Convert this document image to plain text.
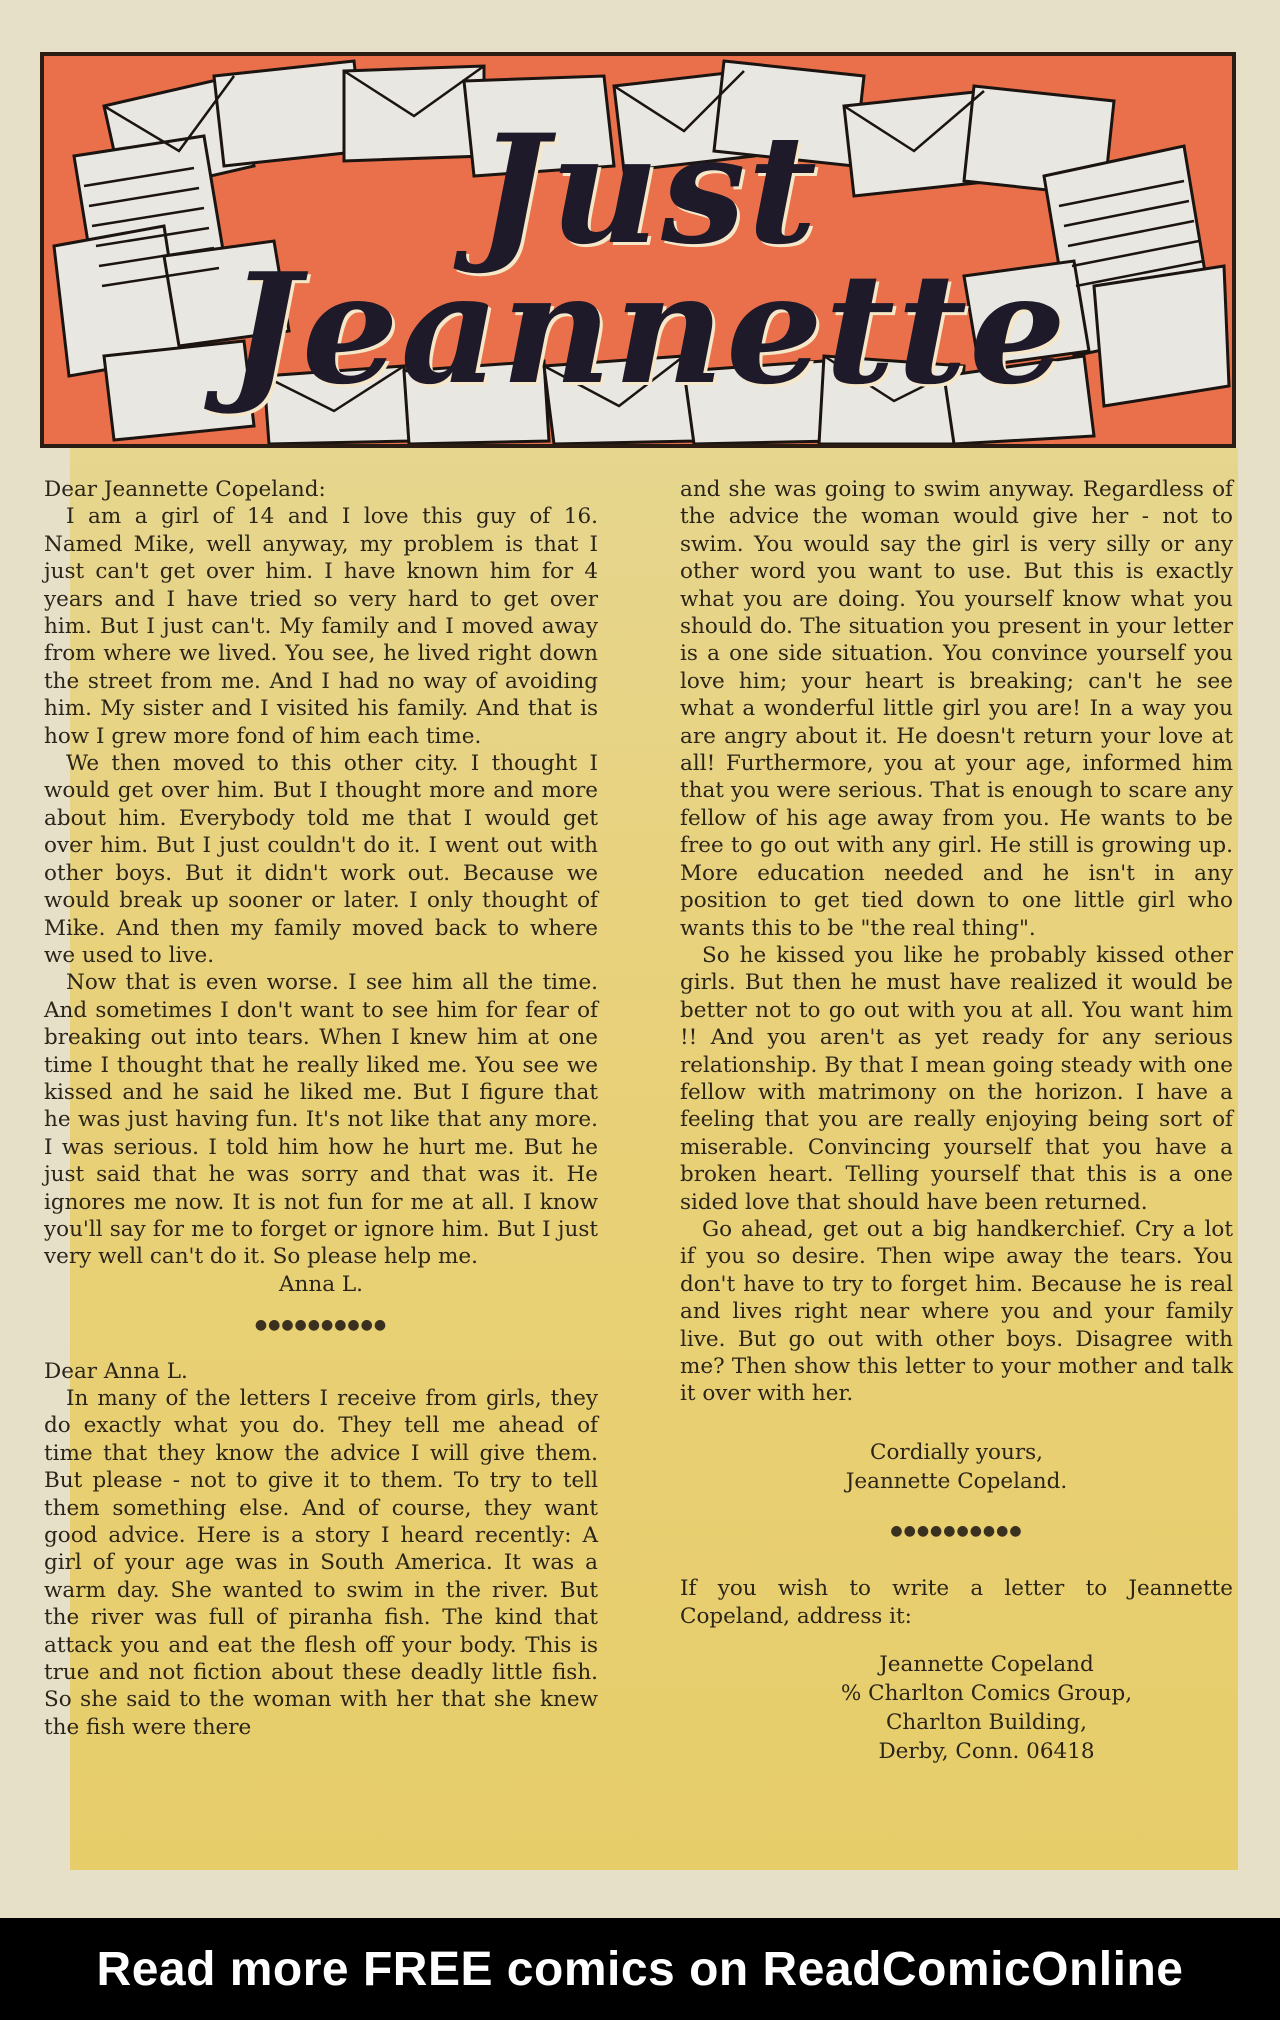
Just
Jeannette

Dear Jeannette Copeland:

I am a girl of 14 and I love this guy of 16. Named Mike, well anyway, my problem is that I just can't get over him. I have known him for 4 years and I have tried so very hard to get over him. But I just can't. My family and I moved away from where we lived. You see, he lived right down the street from me. And I had no way of avoiding him. My sister and I visited his family. And that is how I grew more fond of him each time.

We then moved to this other city. I thought I would get over him. But I thought more and more about him. Everybody told me that I would get over him. But I just couldn't do it. I went out with other boys. But it didn't work out. Because we would break up sooner or later. I only thought of Mike. And then my family moved back to where we used to live.

Now that is even worse. I see him all the time. And sometimes I don't want to see him for fear of breaking out into tears. When I knew him at one time I thought that he really liked me. You see we kissed and he said he liked me. But I figure that he was just having fun. It's not like that any more. I was serious. I told him how he hurt me. But he just said that he was sorry and that was it. He ignores me now. It is not fun for me at all. I know you'll say for me to forget or ignore him. But I just very well can't do it. So please help me.

Anna L.

●●●●●●●●●●

Dear Anna L.

In many of the letters I receive from girls, they do exactly what you do. They tell me ahead of time that they know the advice I will give them. But please - not to give it to them. To try to tell them something else. And of course, they want good advice. Here is a story I heard recently: A girl of your age was in South America. It was a warm day. She wanted to swim in the river. But the river was full of piranha fish. The kind that attack you and eat the flesh off your body. This is true and not fiction about these deadly little fish. So she said to the woman with her that she knew the fish were there

and she was going to swim anyway. Regardless of the advice the woman would give her - not to swim. You would say the girl is very silly or any other word you want to use. But this is exactly what you are doing. You yourself know what you should do. The situation you present in your letter is a one side situation. You convince yourself you love him; your heart is breaking; can't he see what a wonderful little girl you are! In a way you are angry about it. He doesn't return your love at all! Furthermore, you at your age, informed him that you were serious. That is enough to scare any fellow of his age away from you. He wants to be free to go out with any girl. He still is growing up. More education needed and he isn't in any position to get tied down to one little girl who wants this to be "the real thing".

So he kissed you like he probably kissed other girls. But then he must have realized it would be better not to go out with you at all. You want him !! And you aren't as yet ready for any serious relationship. By that I mean going steady with one fellow with matrimony on the horizon. I have a feeling that you are really enjoying being sort of miserable. Convincing yourself that you have a broken heart. Telling yourself that this is a one sided love that should have been returned.

Go ahead, get out a big handkerchief. Cry a lot if you so desire. Then wipe away the tears. You don't have to try to forget him. Because he is real and lives right near where you and your family live. But go out with other boys. Disagree with me? Then show this letter to your mother and talk it over with her.

Cordially yours,
Jeannette Copeland.
●●●●●●●●●●

If you wish to write a letter to Jeannette Copeland, address it:

Jeannette Copeland
% Charlton Comics Group,
Charlton Building,
Derby, Conn. 06418
Read more FREE comics on ReadComicOnline
